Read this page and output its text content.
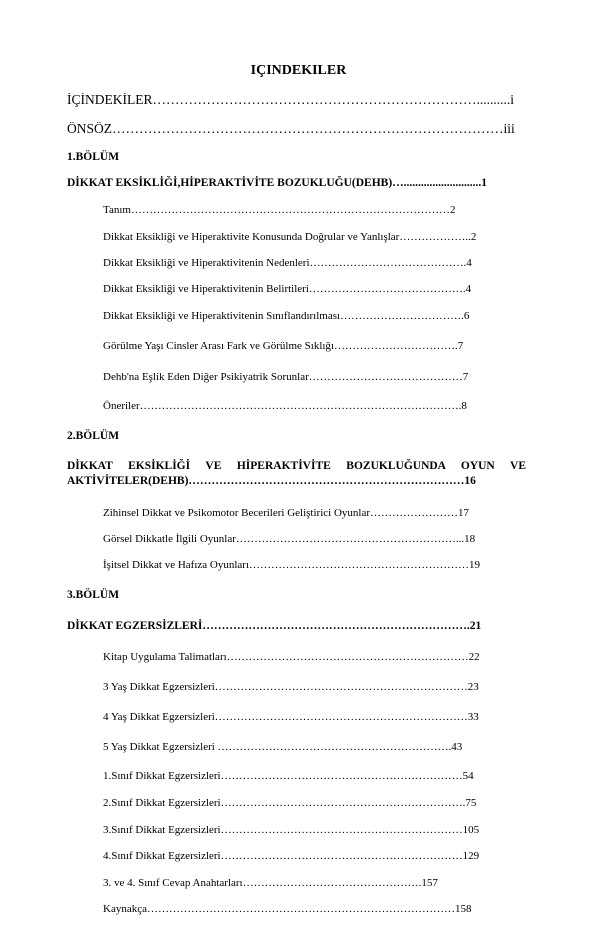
İÇİNDEKİLER
İÇİNDEKİLER………………………………………………………………..........i
ÖNSÖZ……………………………………………………………………………iii
1.BÖLÜM
DİKKAT EKSİKLİĞİ,HİPERAKTİVİTE BOZUKLUĞU(DEHB)…...........................1
Tanım……………………………………………………………………………2
Dikkat Eksikliği ve Hiperaktivite Konusunda Doğrular ve Yanlışlar………………..2
Dikkat Eksikliği ve Hiperaktivitenin Nedenleri…………………………………….4
Dikkat Eksikliği ve Hiperaktivitenin Belirtileri…………………………………….4
Dikkat Eksikliği ve Hiperaktivitenin Sınıflandırılması…………………………….6
Görülme Yaşı Cinsler Arası Fark ve Görülme Sıklığı…………………………….7
Dehb'na Eşlik Eden Diğer Psikiyatrik Sorunlar……………………………………7
Öneriler…………………………………………………………………………….8
2.BÖLÜM
DİKKAT EKSİKLİĞİ VE HİPERAKTİVİTE BOZUKLUĞUNDA OYUN VE
AKTİVİTELER(DEHB)………………………………………………………………16
Zihinsel Dikkat ve Psikomotor Becerileri Geliştirici Oyunlar……………………17
Görsel Dikkatle İlgili Oyunlar……………………………………………………...18
İşitsel Dikkat ve Hafıza Oyunları……………………………………………………19
3.BÖLÜM
DİKKAT EGZERSİZLERİ…………………………………………………………….21
Kitap Uygulama Talimatları…………………………………………………………22
3 Yaş Dikkat Egzersizleri……………………………………………………………23
4 Yaş Dikkat Egzersizleri……………………………………………………………33
5 Yaş Dikkat Egzersizleri ……………………………………………………….43
1.Sınıf Dikkat Egzersizleri…………………………………………………………54
2.Sınıf Dikkat Egzersizleri………………………………………………………….75
3.Sınıf Dikkat Egzersizleri…………………………………………………………105
4.Sınıf Dikkat Egzersizleri…………………………………………………………129
3. ve 4. Sınıf Cevap Anahtarları………………………………………….157
Kaynakça…………………………………………………………………………158
